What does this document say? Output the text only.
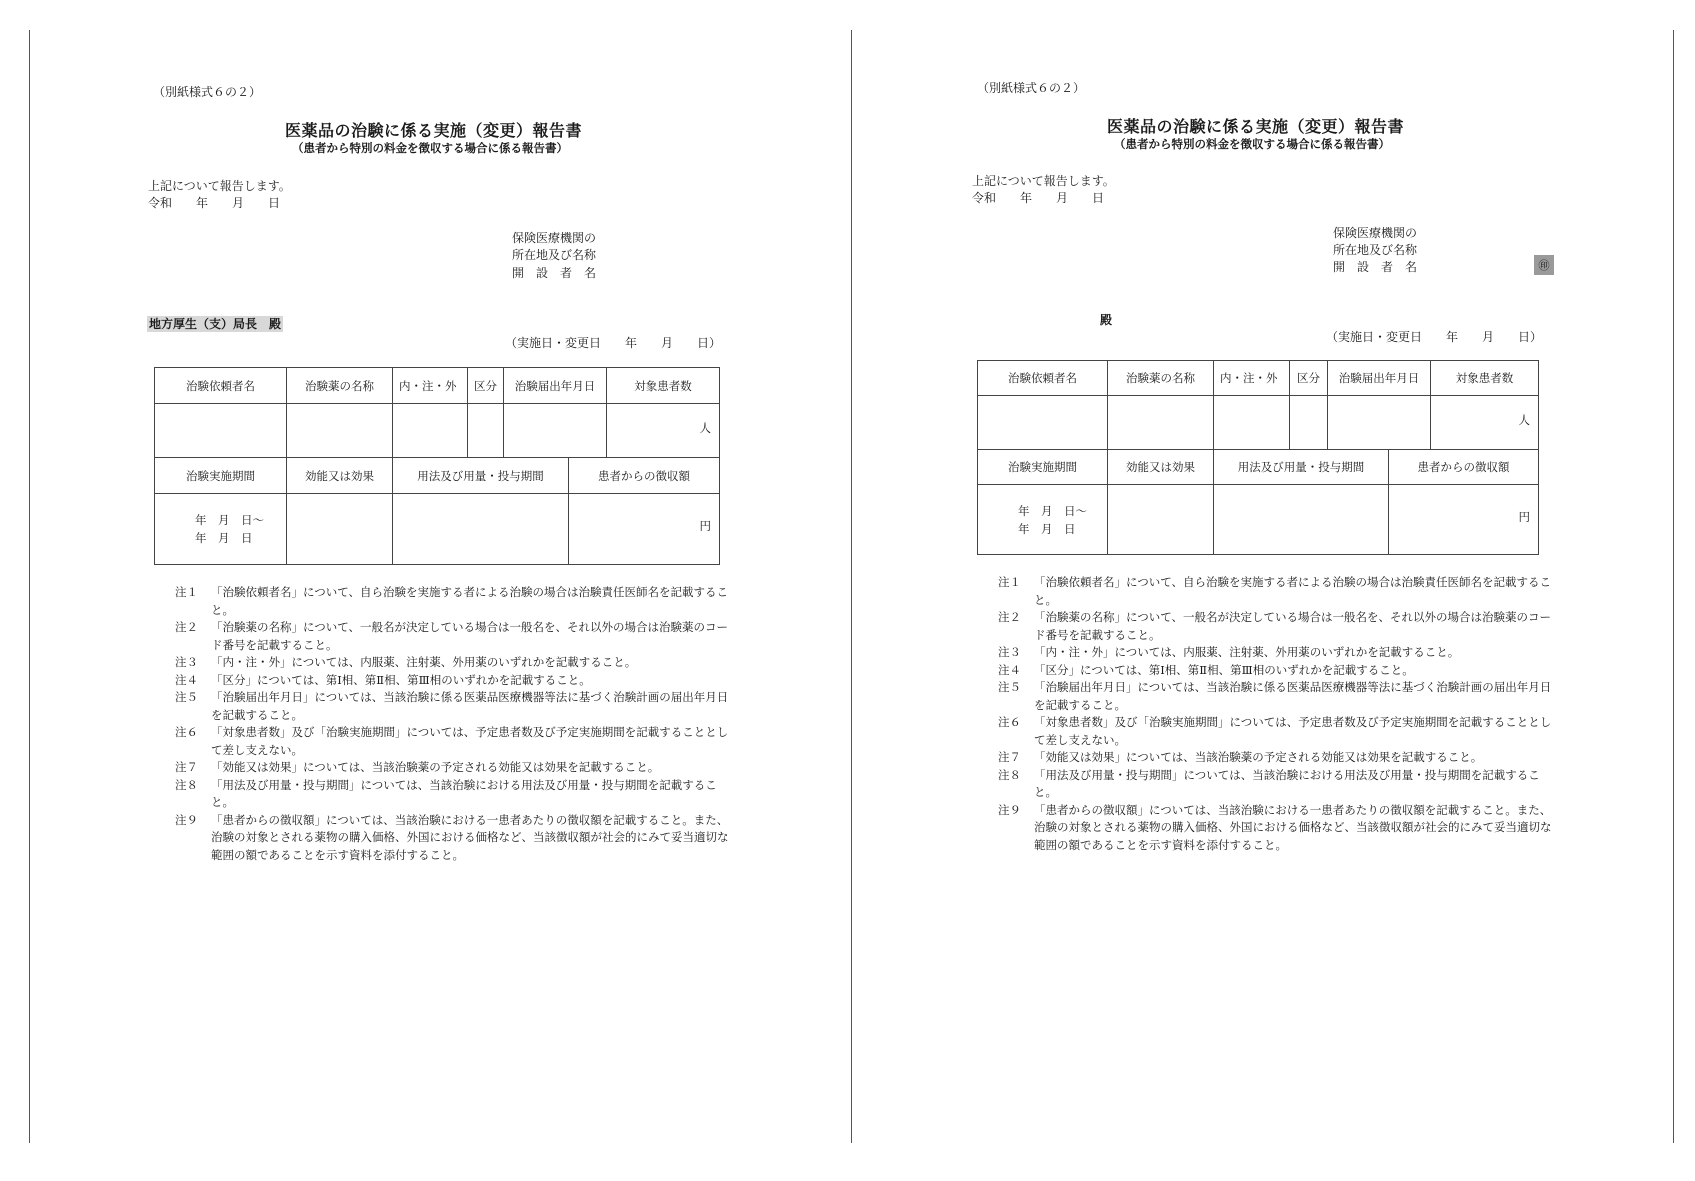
（別紙様式６の２）
医薬品の治験に係る実施（変更）報告書
（患者から特別の料金を徴収する場合に係る報告書）
上記について報告します。
令和　　年　　月　　日
保険医療機関の
所在地及び名称
開　設　者　名
地方厚生（支）局長　殿
（実施日・変更日　　年　　月　　日）
治験依頼者名	治験薬の名称	内・注・外	区分	治験届出年月日	対象患者数

					人
治験実施期間	効能又は効果	用法及び用量・投与期間	患者からの徴収額

年　月　日～
年　月　日			円
注１	「治験依頼者名」について、自ら治験を実施する者による治験の場合は治験責任医師名を記載すること。
注２	「治験薬の名称」について、一般名が決定している場合は一般名を、それ以外の場合は治験薬のコード番号を記載すること。
注３	「内・注・外」については、内服薬、注射薬、外用薬のいずれかを記載すること。
注４	「区分」については、第Ⅰ相、第Ⅱ相、第Ⅲ相のいずれかを記載すること。
注５	「治験届出年月日」については、当該治験に係る医薬品医療機器等法に基づく治験計画の届出年月日を記載すること。
注６	「対象患者数」及び「治験実施期間」については、予定患者数及び予定実施期間を記載することとして差し支えない。
注７	「効能又は効果」については、当該治験薬の予定される効能又は効果を記載すること。
注８	「用法及び用量・投与期間」については、当該治験における用法及び用量・投与期間を記載すること。
注９	「患者からの徴収額」については、当該治験における一患者あたりの徴収額を記載すること。また、治験の対象とされる薬物の購入価格、外国における価格など、当該徴収額が社会的にみて妥当適切な範囲の額であることを示す資料を添付すること。
（別紙様式６の２）
医薬品の治験に係る実施（変更）報告書
（患者から特別の料金を徴収する場合に係る報告書）
上記について報告します。
令和　　年　　月　　日
保険医療機関の
所在地及び名称
開　設　者　名	㊞
殿
（実施日・変更日　　年　　月　　日）
治験依頼者名	治験薬の名称	内・注・外	区分	治験届出年月日	対象患者数

					人
治験実施期間	効能又は効果	用法及び用量・投与期間	患者からの徴収額

年　月　日～
年　月　日			円
注１	「治験依頼者名」について、自ら治験を実施する者による治験の場合は治験責任医師名を記載すること。
注２	「治験薬の名称」について、一般名が決定している場合は一般名を、それ以外の場合は治験薬のコード番号を記載すること。
注３	「内・注・外」については、内服薬、注射薬、外用薬のいずれかを記載すること。
注４	「区分」については、第Ⅰ相、第Ⅱ相、第Ⅲ相のいずれかを記載すること。
注５	「治験届出年月日」については、当該治験に係る医薬品医療機器等法に基づく治験計画の届出年月日を記載すること。
注６	「対象患者数」及び「治験実施期間」については、予定患者数及び予定実施期間を記載することとして差し支えない。
注７	「効能又は効果」については、当該治験薬の予定される効能又は効果を記載すること。
注８	「用法及び用量・投与期間」については、当該治験における用法及び用量・投与期間を記載すること。
注９	「患者からの徴収額」については、当該治験における一患者あたりの徴収額を記載すること。また、治験の対象とされる薬物の購入価格、外国における価格など、当該徴収額が社会的にみて妥当適切な範囲の額であることを示す資料を添付すること。
